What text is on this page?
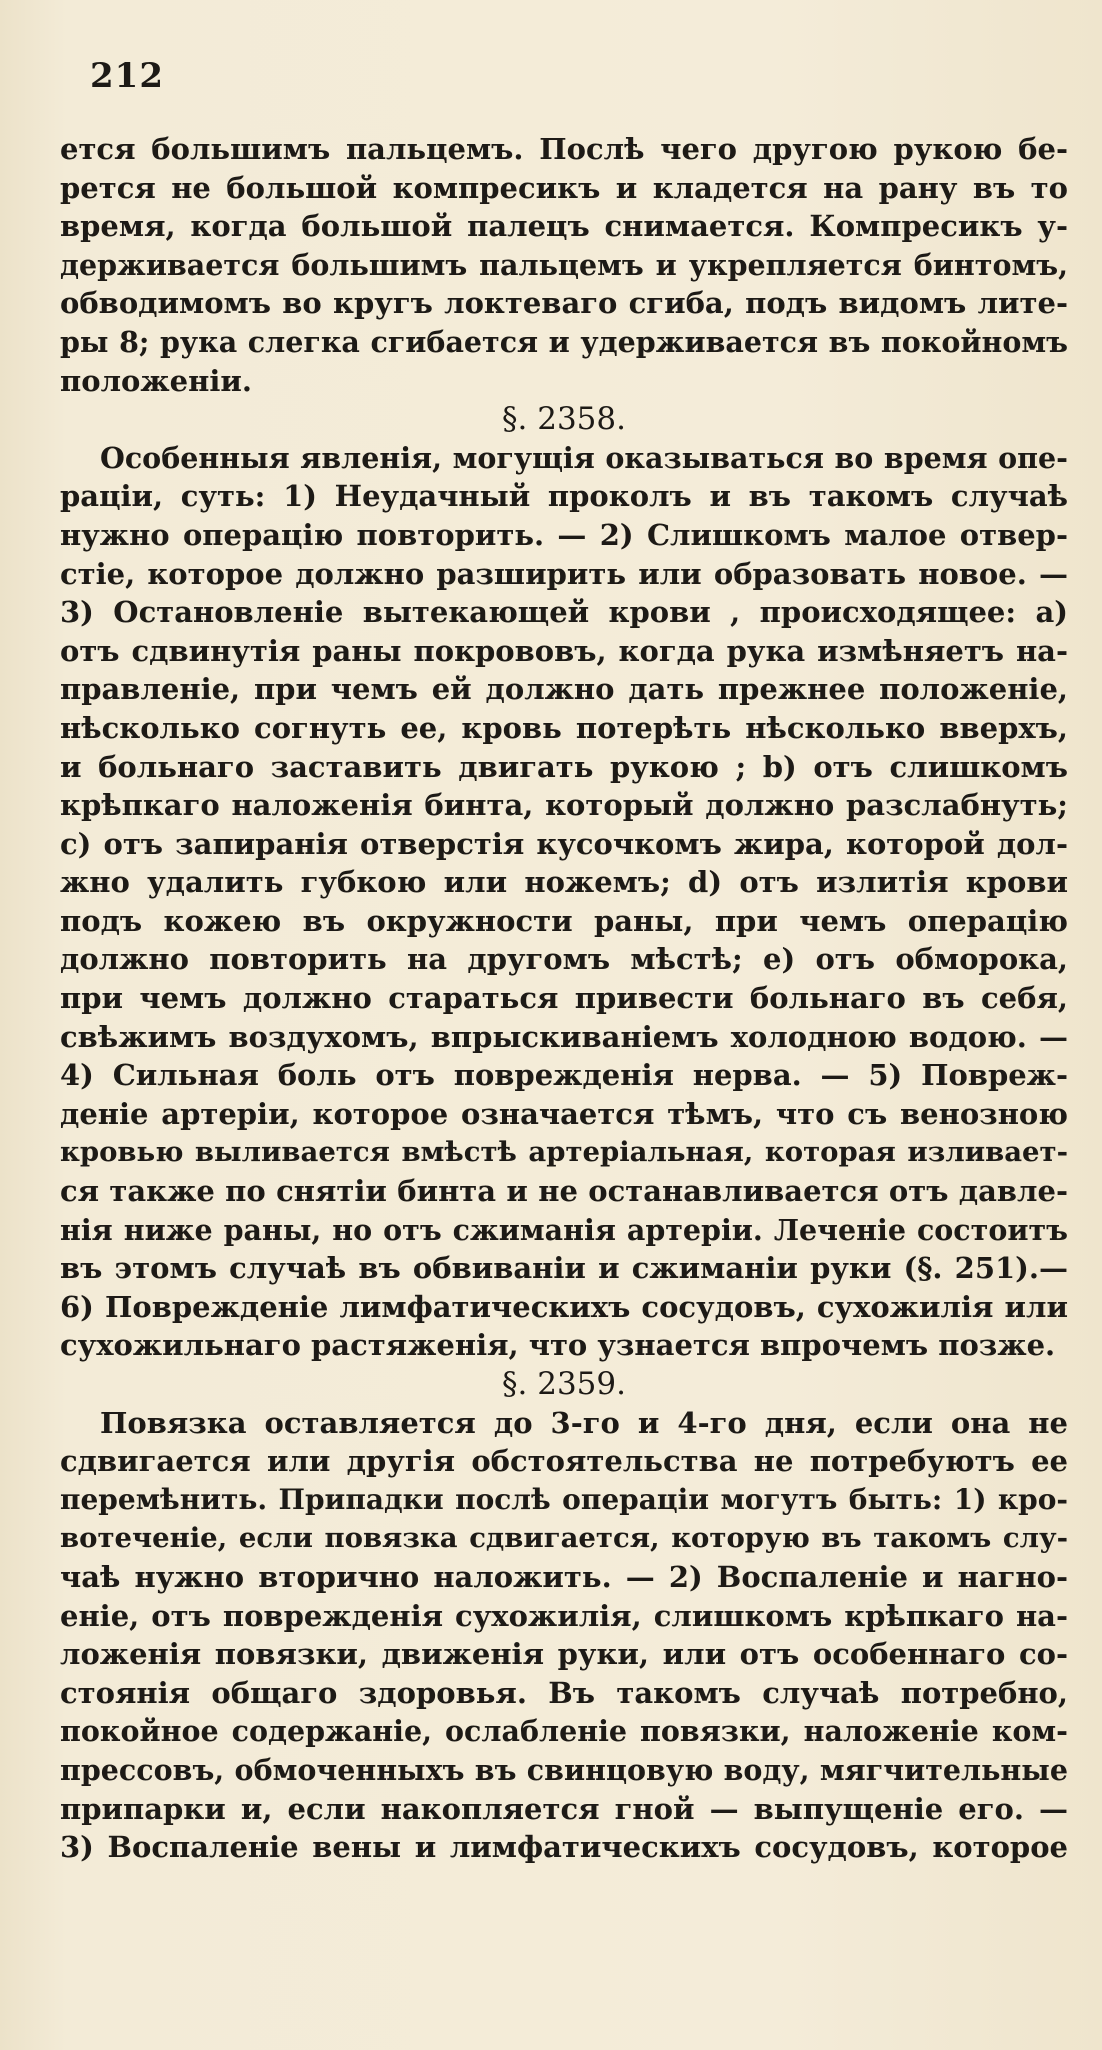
212
ется большимъ пальцемъ. Послѣ чего другою рукою бе-
рется не большой компресикъ и кладется на рану въ то
время, когда большой палецъ снимается. Компресикъ у-
держивается большимъ пальцемъ и укрепляется бинтомъ,
обводимомъ во кругъ локтеваго сгиба, подъ видомъ лите-
ры 8; рука слегка сгибается и удерживается въ покойномъ
положеніи.
§. 2358.
Особенныя явленія, могущія оказываться во время опе-
раціи, суть: 1) Неудачный проколъ и въ такомъ случаѣ
нужно операцію повторить. — 2) Слишкомъ малое отвер-
стіе, которое должно разширить или образовать новое. —
3) Остановленіе вытекающей крови , происходящее: а)
отъ сдвинутія раны покрововъ, когда рука измѣняетъ на-
правленіе, при чемъ ей должно дать прежнее положеніе,
нѣсколько согнуть ее, кровь потерѣть нѣсколько вверхъ,
и больнаго заставить двигать рукою ; b) отъ слишкомъ
крѣпкаго наложенія бинта, который должно разслабнуть;
c) отъ запиранія отверстія кусочкомъ жира, которой дол-
жно удалить губкою или ножемъ; d) отъ излитія крови
подъ кожею въ окружности раны, при чемъ операцію
должно повторить на другомъ мѣстѣ; e) отъ обморока,
при чемъ должно стараться привести больнаго въ себя,
свѣжимъ воздухомъ, впрыскиваніемъ холодною водою. —
4) Сильная боль отъ поврежденія нерва. — 5) Повреж-
деніе артеріи, которое означается тѣмъ, что съ венозною
кровью выливается вмѣстѣ артеріальная, которая изливает-
ся также по снятіи бинта и не останавливается отъ давле-
нія ниже раны, но отъ сжиманія артеріи. Леченіе состоитъ
въ этомъ случаѣ въ обвиваніи и сжиманіи руки (§. 251).—
6) Поврежденіе лимфатическихъ сосудовъ, сухожилія или
сухожильнаго растяженія, что узнается впрочемъ позже.
§. 2359.
Повязка оставляется до 3-го и 4-го дня, если она не
сдвигается или другія обстоятельства не потребуютъ ее
перемѣнить. Припадки послѣ операціи могутъ быть: 1) кро-
вотеченіе, если повязка сдвигается, которую въ такомъ слу-
чаѣ нужно вторично наложить. — 2) Воспаленіе и нагно-
еніе, отъ поврежденія сухожилія, слишкомъ крѣпкаго на-
ложенія повязки, движенія руки, или отъ особеннаго со-
стоянія общаго здоровья. Въ такомъ случаѣ потребно,
покойное содержаніе, ослабленіе повязки, наложеніе ком-
прессовъ, обмоченныхъ въ свинцовую воду, мягчительные
припарки и, если накопляется гной — выпущеніе его. —
3) Воспаленіе вены и лимфатическихъ сосудовъ, которое
